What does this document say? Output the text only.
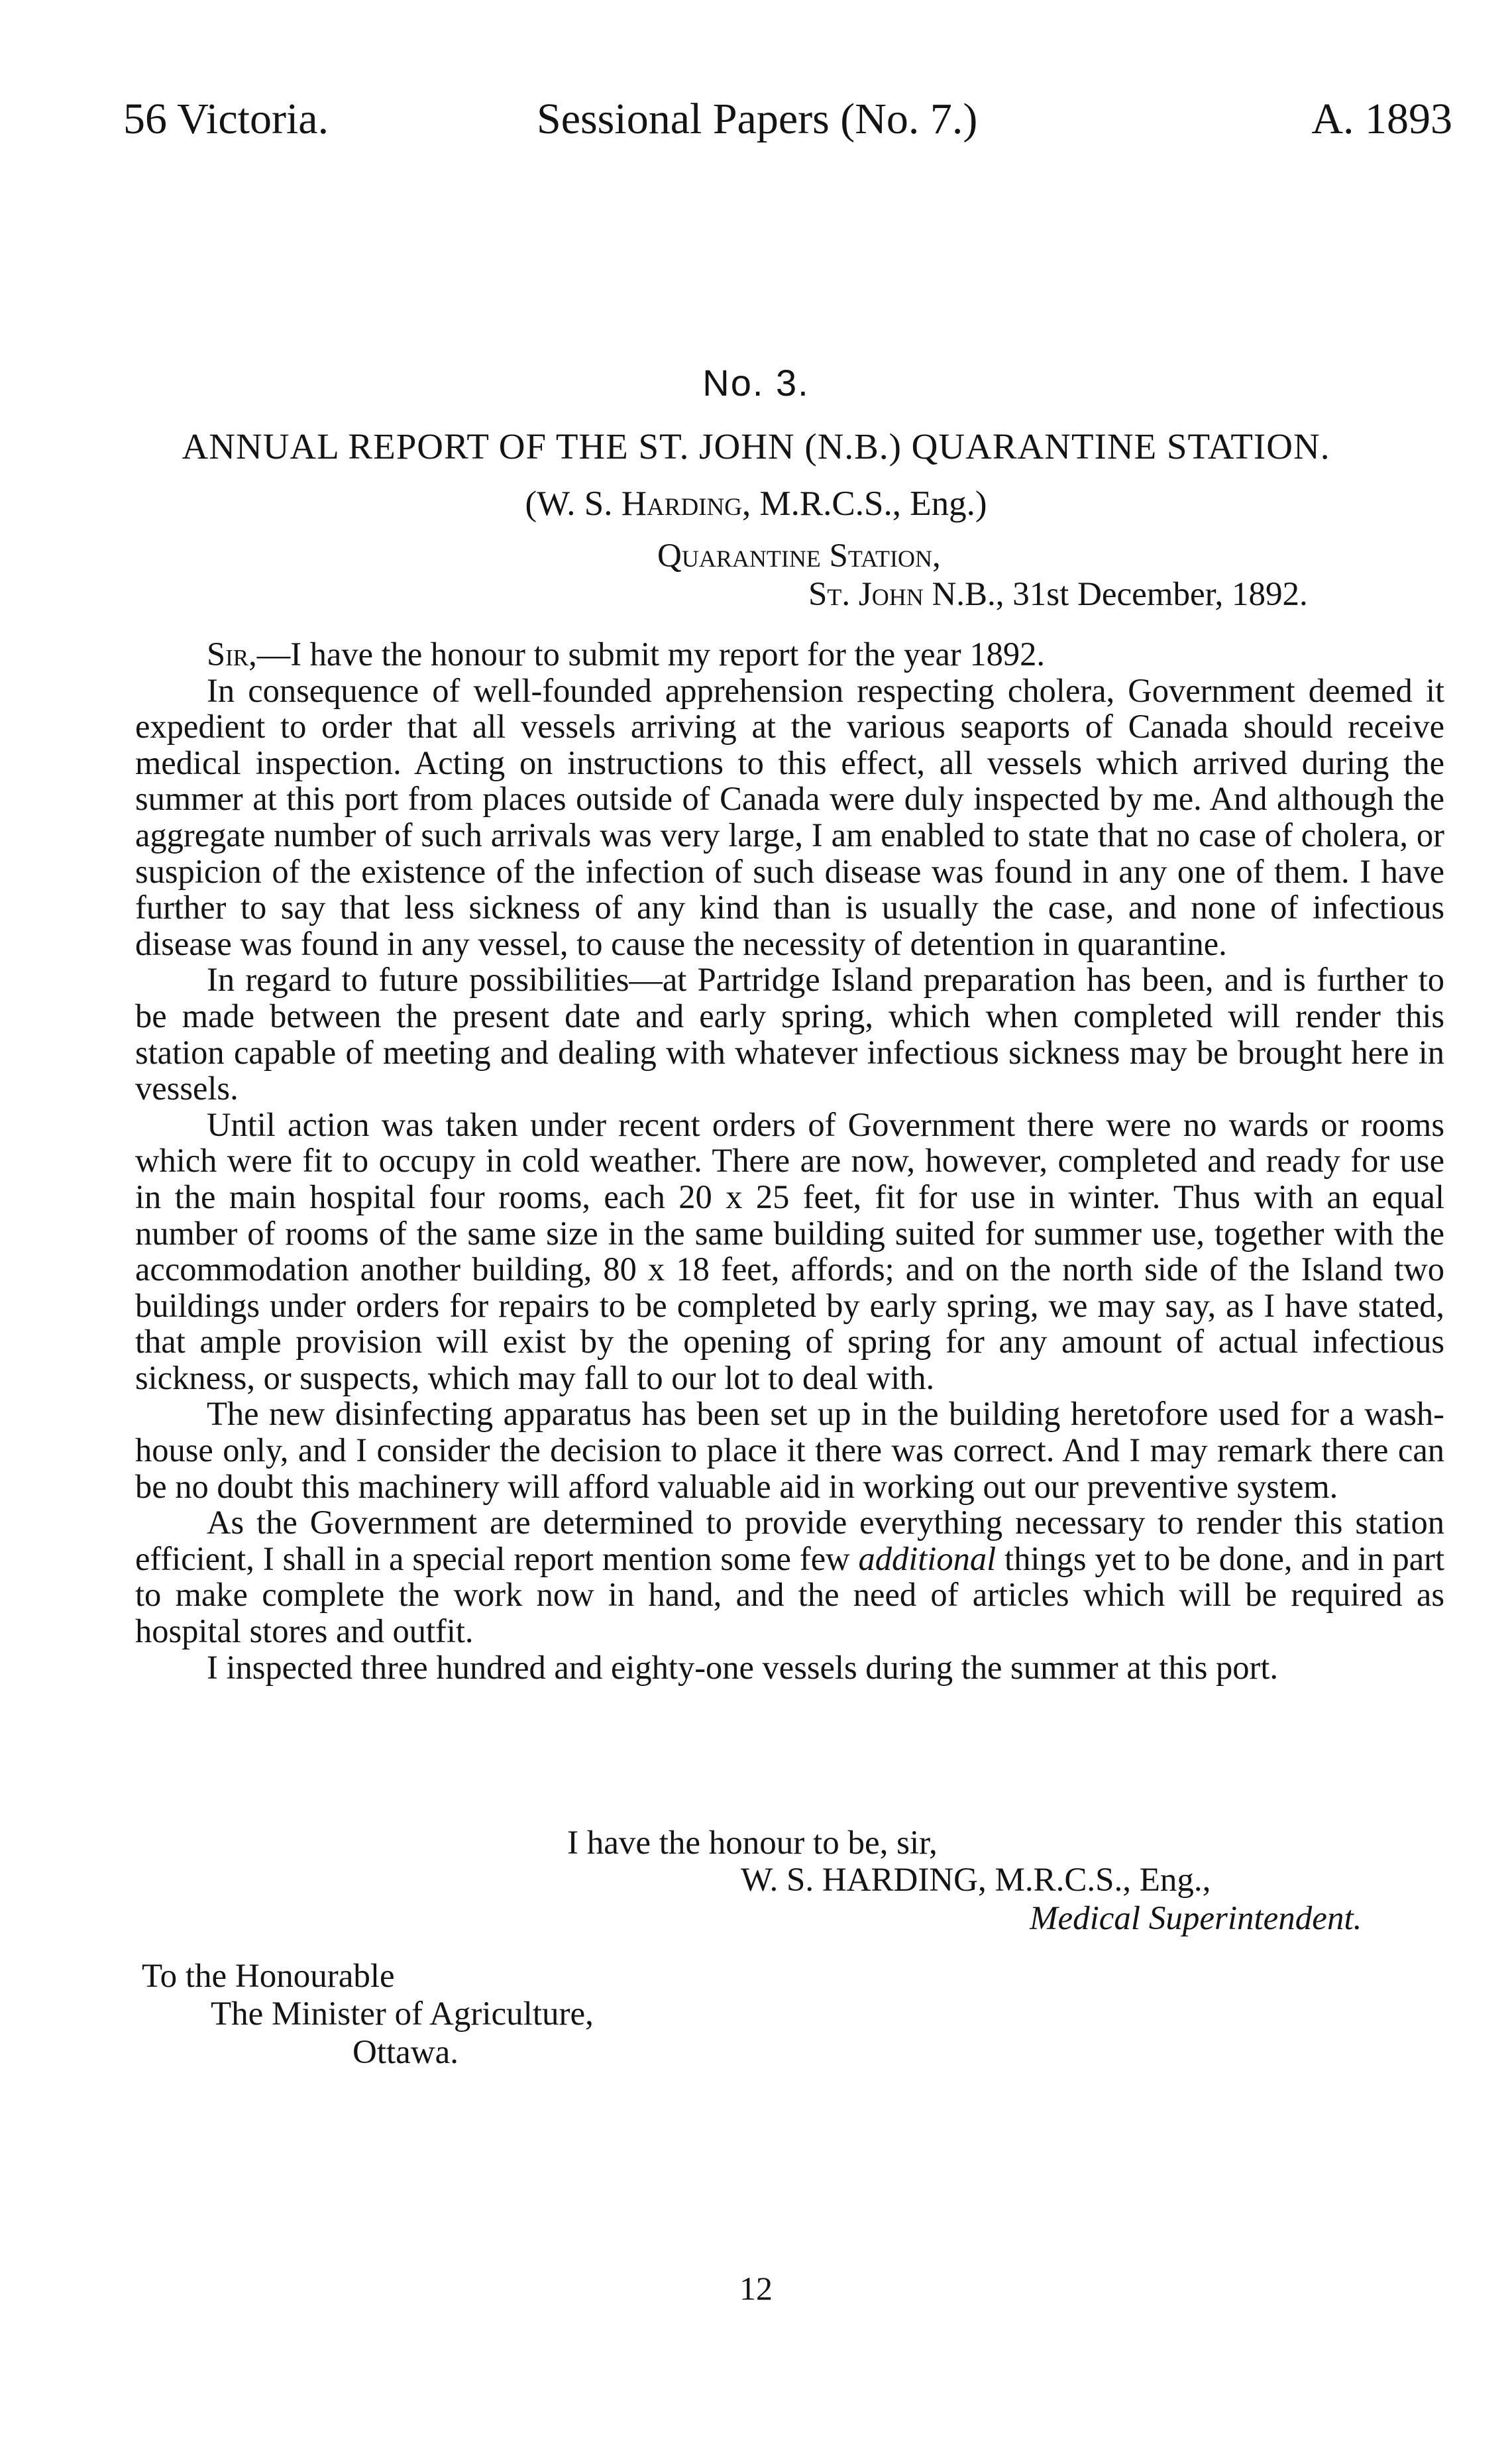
56 Victoria.	Sessional Papers (No. 7.)	A. 1893
No. 3.
ANNUAL REPORT OF THE ST. JOHN (N.B.) QUARANTINE STATION.
(W. S. Harding, M.R.C.S., Eng.)
Quarantine Station,
St. John N.B., 31st December, 1892.

Sir,—I have the honour to submit my report for the year 1892.

In consequence of well-founded apprehension respecting cholera, Government deemed it expedient to order that all vessels arriving at the various seaports of Canada should receive medical inspection. Acting on instructions to this effect, all vessels which arrived during the summer at this port from places outside of Canada were duly inspected by me. And although the aggregate number of such arrivals was very large, I am enabled to state that no case of cholera, or suspicion of the existence of the infection of such disease was found in any one of them. I have further to say that less sickness of any kind than is usually the case, and none of infectious disease was found in any vessel, to cause the necessity of detention in quarantine.

In regard to future possibilities—at Partridge Island preparation has been, and is further to be made between the present date and early spring, which when completed will render this station capable of meeting and dealing with whatever infectious sickness may be brought here in vessels.

Until action was taken under recent orders of Government there were no wards or rooms which were fit to occupy in cold weather. There are now, however, completed and ready for use in the main hospital four rooms, each 20 x 25 feet, fit for use in winter. Thus with an equal number of rooms of the same size in the same building suited for summer use, together with the accommodation another building, 80 x 18 feet, affords; and on the north side of the Island two buildings under orders for repairs to be completed by early spring, we may say, as I have stated, that ample provision will exist by the opening of spring for any amount of actual infectious sickness, or suspects, which may fall to our lot to deal with.

The new disinfecting apparatus has been set up in the building heretofore used for a wash-house only, and I consider the decision to place it there was correct. And I may remark there can be no doubt this machinery will afford valuable aid in working out our preventive system.

As the Government are determined to provide everything necessary to render this station efficient, I shall in a special report mention some few additional things yet to be done, and in part to make complete the work now in hand, and the need of articles which will be required as hospital stores and outfit.

I inspected three hundred and eighty-one vessels during the summer at this port.

I have the honour to be, sir,
W. S. HARDING, M.R.C.S., Eng.,
Medical Superintendent.
To the Honourable
The Minister of Agriculture,
Ottawa.
12
